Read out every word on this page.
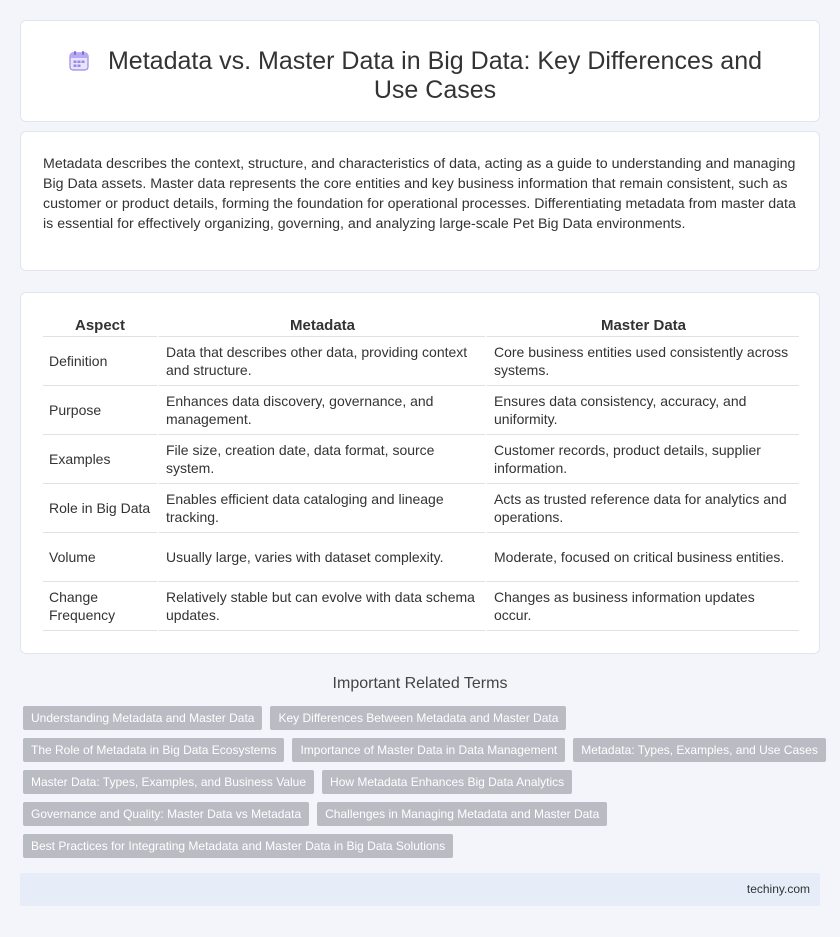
Metadata vs. Master Data in Big Data: Key Differences and Use Cases

Metadata describes the context, structure, and characteristics of data, acting as a guide to understanding and managing Big Data assets. Master data represents the core entities and key business information that remain consistent, such as customer or product details, forming the foundation for operational processes. Differentiating metadata from master data is essential for effectively organizing, governing, and analyzing large-scale Pet Big Data environments.

Aspect	Metadata	Master Data
Definition	Data that describes other data, providing context and structure.	Core business entities used consistently across systems.
Purpose	Enhances data discovery, governance, and management.	Ensures data consistency, accuracy, and uniformity.
Examples	File size, creation date, data format, source system.	Customer records, product details, supplier information.
Role in Big Data	Enables efficient data cataloging and lineage tracking.	Acts as trusted reference data for analytics and operations.
Volume	Usually large, varies with dataset complexity.	Moderate, focused on critical business entities.
Change Frequency	Relatively stable but can evolve with data schema updates.	Changes as business information updates occur.
Important Related Terms
Understanding Metadata and Master Data	Key Differences Between Metadata and Master Data
The Role of Metadata in Big Data Ecosystems	Importance of Master Data in Data Management	Metadata: Types, Examples, and Use Cases
Master Data: Types, Examples, and Business Value	How Metadata Enhances Big Data Analytics
Governance and Quality: Master Data vs Metadata	Challenges in Managing Metadata and Master Data
Best Practices for Integrating Metadata and Master Data in Big Data Solutions
techiny.com
